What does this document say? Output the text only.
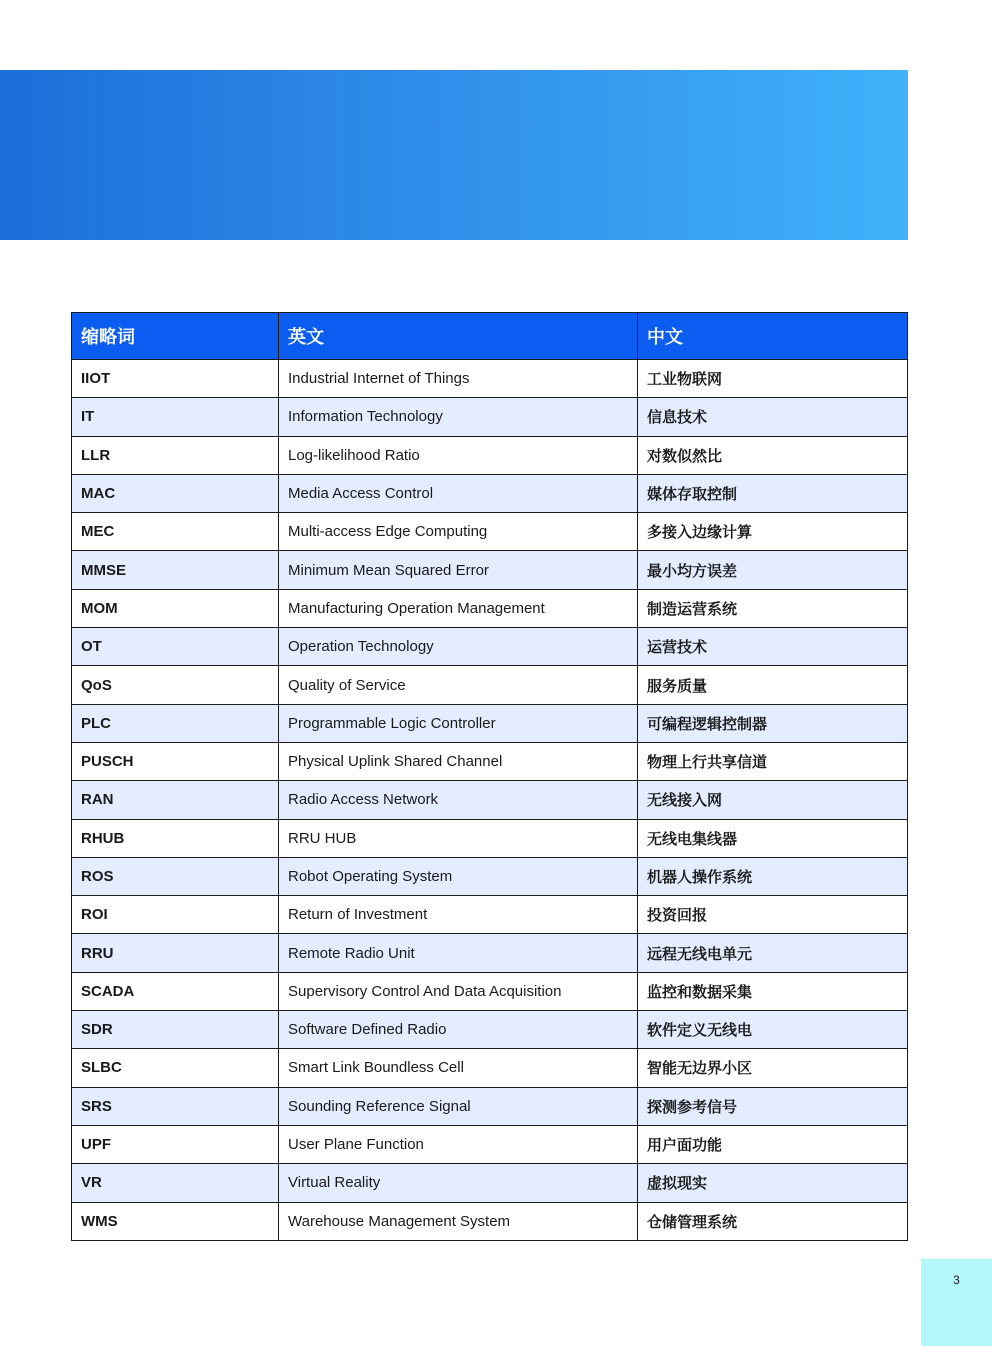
缩略词	英文	中文
IIOT	Industrial Internet of Things	工业物联网
IT	Information Technology	信息技术
LLR	Log-likelihood Ratio	对数似然比
MAC	Media Access Control	媒体存取控制
MEC	Multi-access Edge Computing	多接入边缘计算
MMSE	Minimum Mean Squared Error	最小均方误差
MOM	Manufacturing Operation Management	制造运营系统
OT	Operation Technology	运营技术
QoS	Quality of Service	服务质量
PLC	Programmable Logic Controller	可编程逻辑控制器
PUSCH	Physical Uplink Shared Channel	物理上行共享信道
RAN	Radio Access Network	无线接入网
RHUB	RRU HUB	无线电集线器
ROS	Robot Operating System	机器人操作系统
ROI	Return of Investment	投资回报
RRU	Remote Radio Unit	远程无线电单元
SCADA	Supervisory Control And Data Acquisition	监控和数据采集
SDR	Software Defined Radio	软件定义无线电
SLBC	Smart Link Boundless Cell	智能无边界小区
SRS	Sounding Reference Signal	探测参考信号
UPF	User Plane Function	用户面功能
VR	Virtual Reality	虚拟现实
WMS	Warehouse Management System	仓储管理系统
3
